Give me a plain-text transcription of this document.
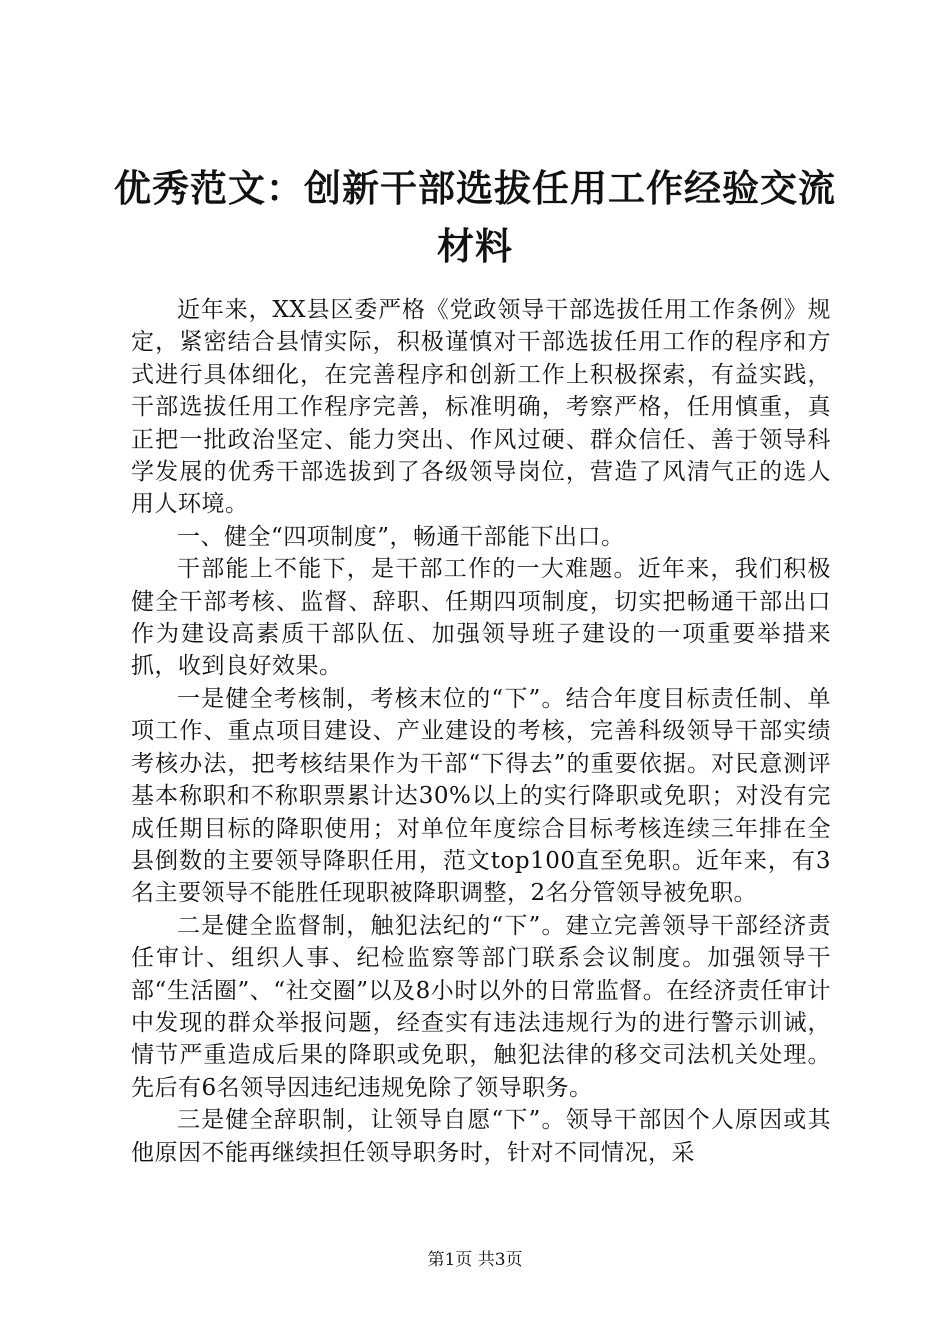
优秀范文：创新干部选拔任用工作经验交流材料

近年来，XX县区委严格《党政领导干部选拔任用工作条例》规定，紧密结合县情实际，积极谨慎对干部选拔任用工作的程序和方式进行具体细化，在完善程序和创新工作上积极探索，有益实践，干部选拔任用工作程序完善，标准明确，考察严格，任用慎重，真正把一批政治坚定、能力突出、作风过硬、群众信任、善于领导科学发展的优秀干部选拔到了各级领导岗位，营造了风清气正的选人用人环境。

一、健全“四项制度”，畅通干部能下出口。

干部能上不能下，是干部工作的一大难题。近年来，我们积极健全干部考核、监督、辞职、任期四项制度，切实把畅通干部出口作为建设高素质干部队伍、加强领导班子建设的一项重要举措来抓，收到良好效果。

一是健全考核制，考核末位的“下”。结合年度目标责任制、单项工作、重点项目建设、产业建设的考核，完善科级领导干部实绩考核办法，把考核结果作为干部“下得去”的重要依据。对民意测评基本称职和不称职票累计达30%以上的实行降职或免职；对没有完成任期目标的降职使用；对单位年度综合目标考核连续三年排在全县倒数的主要领导降职任用，范文top100直至免职。近年来，有3名主要领导不能胜任现职被降职调整，2名分管领导被免职。

二是健全监督制，触犯法纪的“下”。建立完善领导干部经济责任审计、组织人事、纪检监察等部门联系会议制度。加强领导干部“生活圈”、“社交圈”以及8小时以外的日常监督。在经济责任审计中发现的群众举报问题，经查实有违法违规行为的进行警示训诫，情节严重造成后果的降职或免职，触犯法律的移交司法机关处理。先后有6名领导因违纪违规免除了领导职务。

三是健全辞职制，让领导自愿“下”。领导干部因个人原因或其他原因不能再继续担任领导职务时，针对不同情况，采

第1页 共3页
